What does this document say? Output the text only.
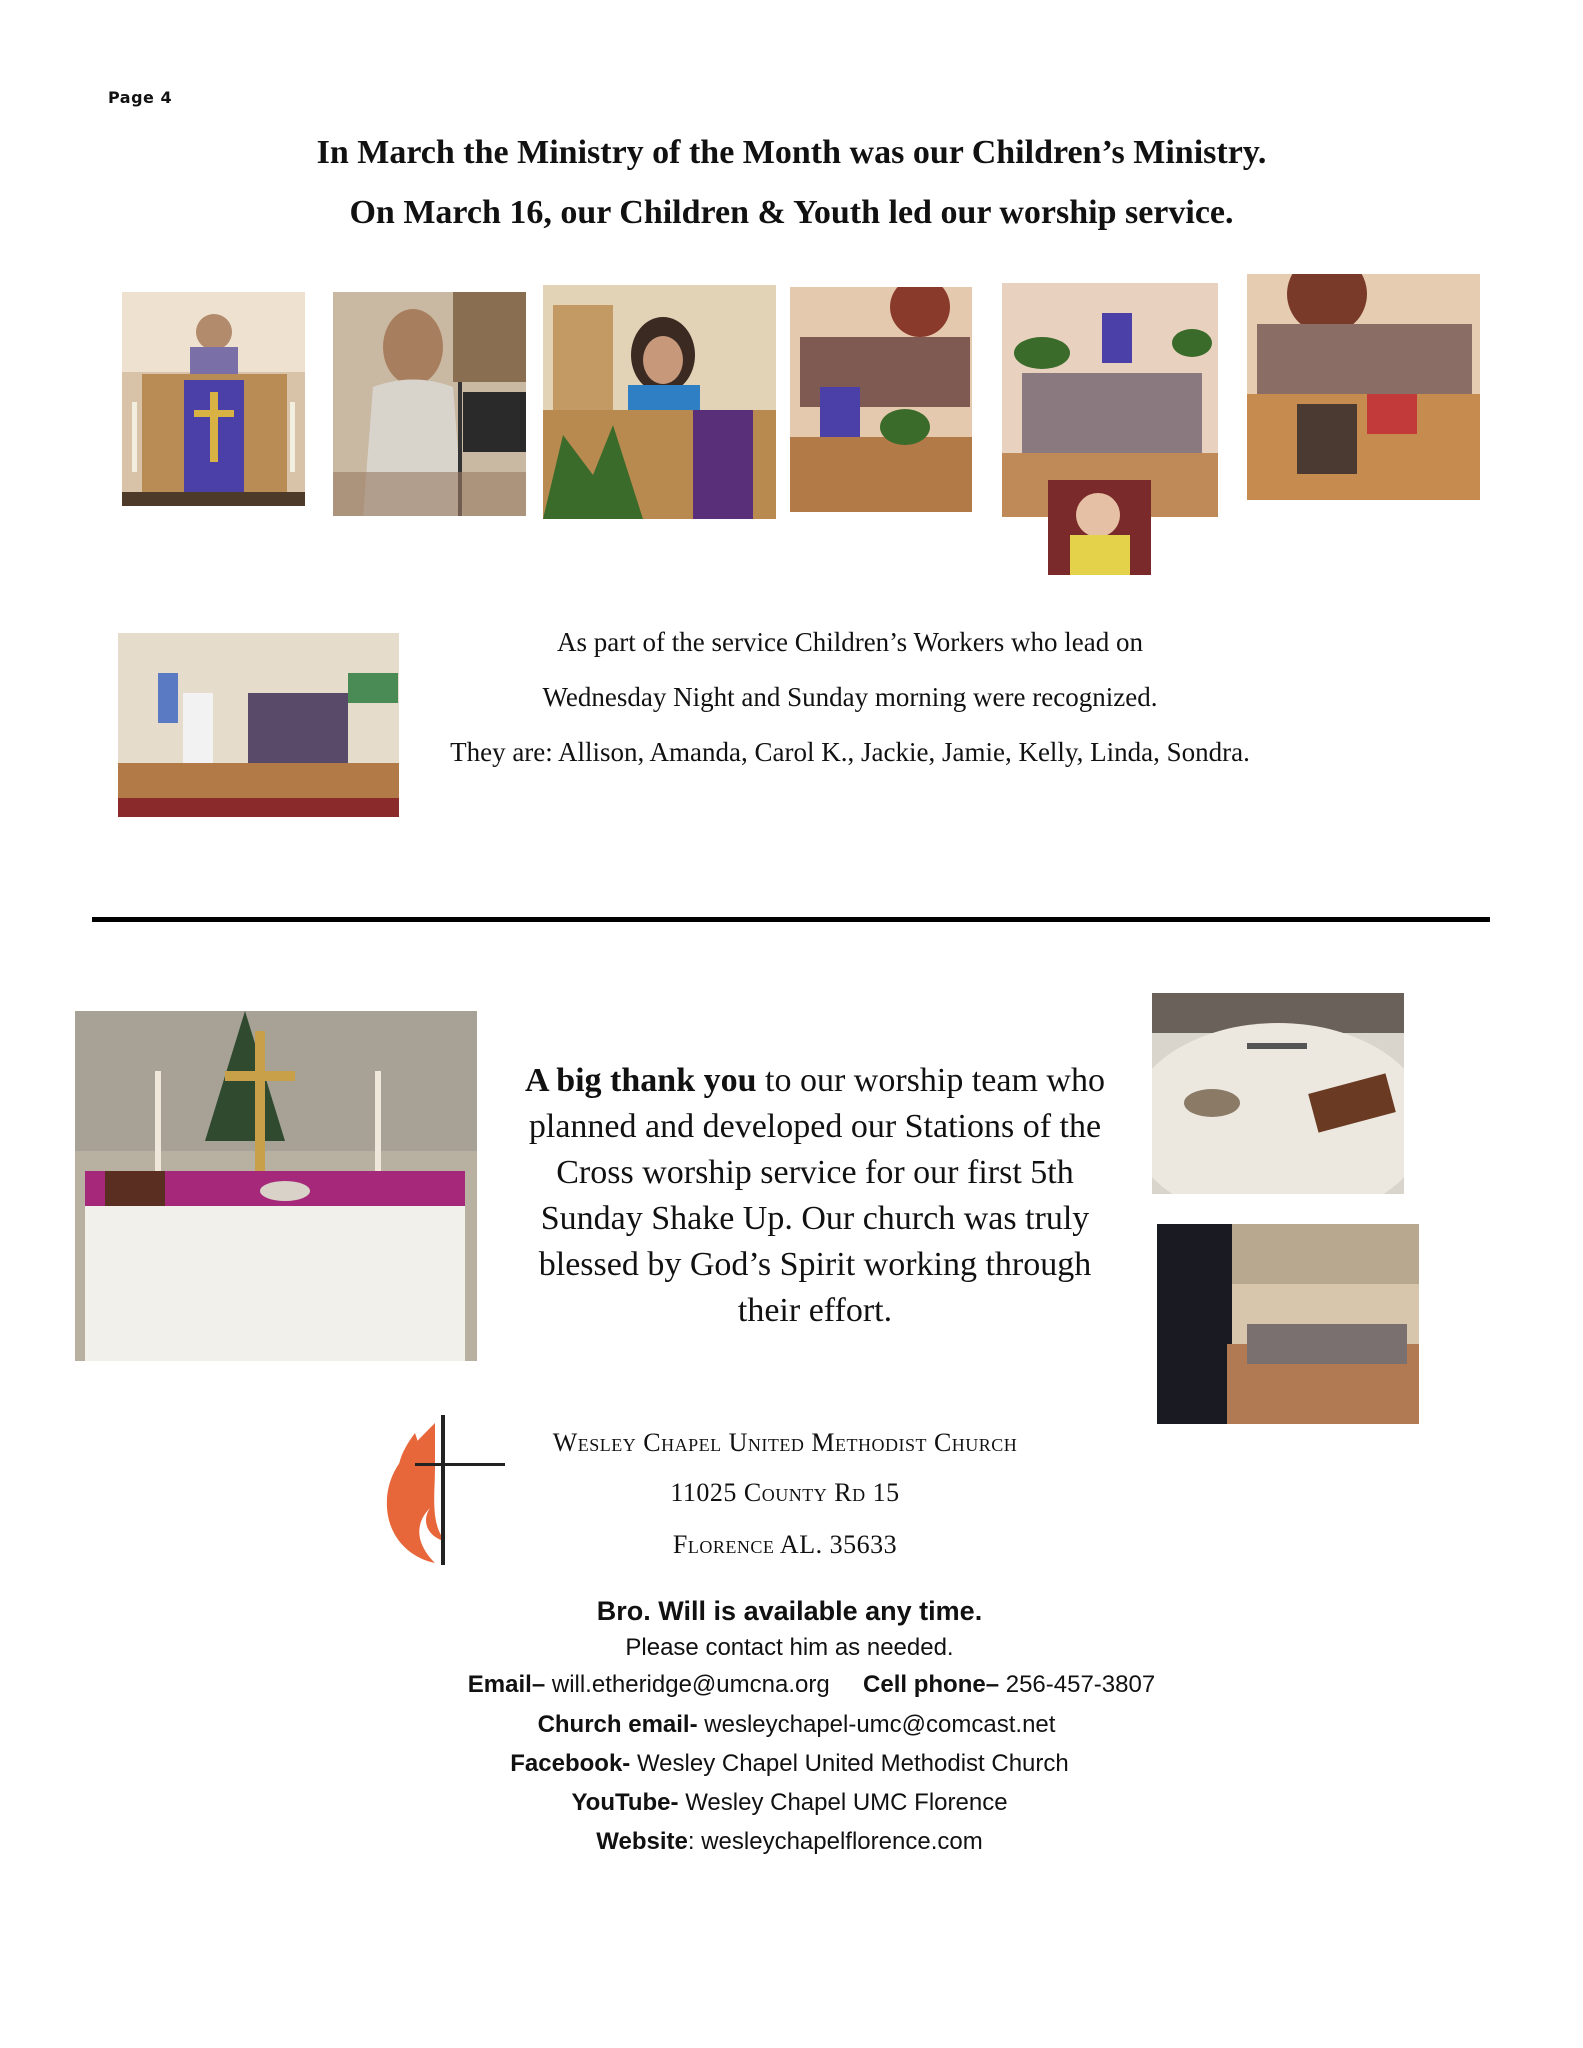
Page 4
In March the Ministry of the Month was our Children’s Ministry.
On March 16, our Children & Youth led our worship service.
As part of the service Children’s Workers who lead on
Wednesday Night and Sunday morning were recognized.
They are: Allison, Amanda, Carol K., Jackie, Jamie, Kelly, Linda, Sondra.
A big thank you to our worship team who planned and developed our Stations of the Cross worship service for our first 5th Sunday Shake Up. Our church was truly blessed by God’s Spirit working through their effort.
Wesley Chapel United Methodist Church
11025 County Rd 15
Florence AL. 35633
Bro. Will is available any time.
Please contact him as needed.
Email– will.etheridge@umcna.org Cell phone– 256-457-3807
Church email- wesleychapel-umc@comcast.net
Facebook- Wesley Chapel United Methodist Church
YouTube- Wesley Chapel UMC Florence
Website: wesleychapelflorence.com
